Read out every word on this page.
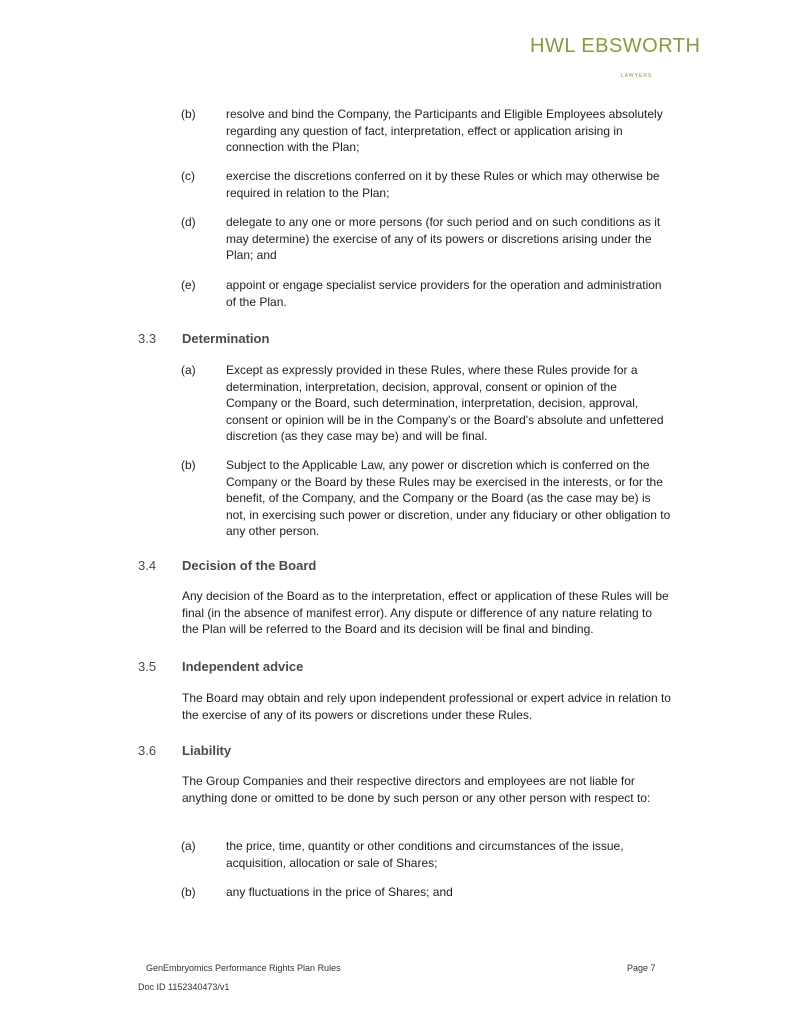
HWL EBSWORTH
LAWYERS
(b)	resolve and bind the Company, the Participants and Eligible Employees absolutely regarding any question of fact, interpretation, effect or application arising in connection with the Plan;
(c)	exercise the discretions conferred on it by these Rules or which may otherwise be required in relation to the Plan;
(d)	delegate to any one or more persons (for such period and on such conditions as it may determine) the exercise of any of its powers or discretions arising under the Plan; and
(e)	appoint or engage specialist service providers for the operation and administration of the Plan.
3.3 Determination
(a)	Except as expressly provided in these Rules, where these Rules provide for a determination, interpretation, decision, approval, consent or opinion of the Company or the Board, such determination, interpretation, decision, approval, consent or opinion will be in the Company's or the Board's absolute and unfettered discretion (as they case may be) and will be final.
(b)	Subject to the Applicable Law, any power or discretion which is conferred on the Company or the Board by these Rules may be exercised in the interests, or for the benefit, of the Company, and the Company or the Board (as the case may be) is not, in exercising such power or discretion, under any fiduciary or other obligation to any other person.
3.4 Decision of the Board
Any decision of the Board as to the interpretation, effect or application of these Rules will be final (in the absence of manifest error). Any dispute or difference of any nature relating to the Plan will be referred to the Board and its decision will be final and binding.
3.5 Independent advice
The Board may obtain and rely upon independent professional or expert advice in relation to the exercise of any of its powers or discretions under these Rules.
3.6 Liability
The Group Companies and their respective directors and employees are not liable for anything done or omitted to be done by such person or any other person with respect to:
(a)	the price, time, quantity or other conditions and circumstances of the issue, acquisition, allocation or sale of Shares;
(b)	any fluctuations in the price of Shares; and
GenEmbryomics Performance Rights Plan Rules	Page 7
Doc ID 1152340473/v1
